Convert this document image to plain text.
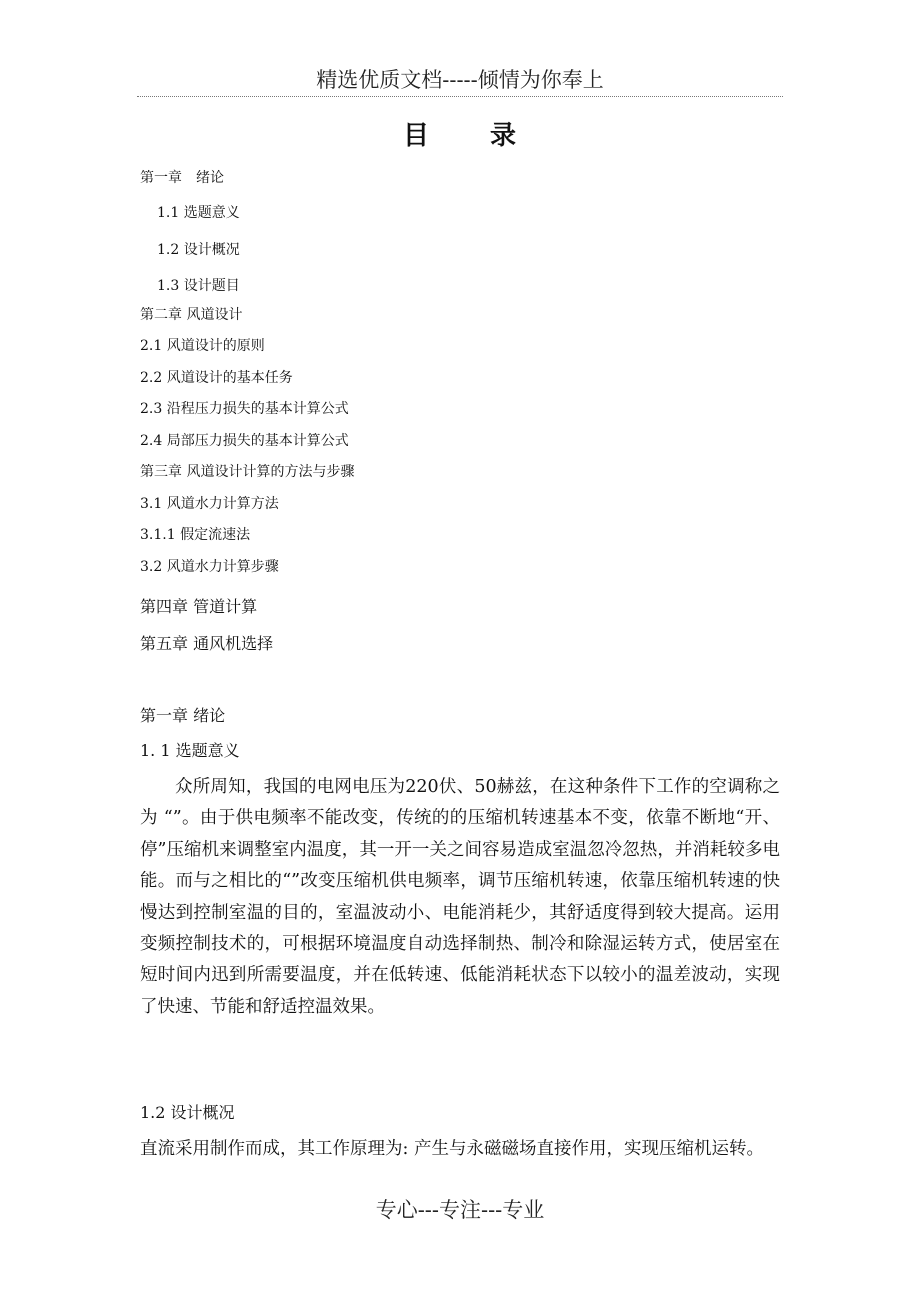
精选优质文档-----倾情为你奉上
目 录
第一章　绪论
1.1 选题意义
1.2 设计概况
1.3 设计题目
第二章 风道设计
2.1 风道设计的原则
2.2 风道设计的基本任务
2.3 沿程压力损失的基本计算公式
2.4 局部压力损失的基本计算公式
第三章 风道设计计算的方法与步骤
3.1 风道水力计算方法
3.1.1 假定流速法
3.2 风道水力计算步骤
第四章 管道计算
第五章 通风机选择
第一章 绪论
1. 1 选题意义
众所周知，我国的电网电压为220伏、50赫兹，在这种条件下工作的空调称之为 “”。由于供电频率不能改变，传统的的压缩机转速基本不变，依靠不断地“开、停”压缩机来调整室内温度，其一开一关之间容易造成室温忽冷忽热，并消耗较多电能。而与之相比的“”改变压缩机供电频率，调节压缩机转速，依靠压缩机转速的快慢达到控制室温的目的，室温波动小、电能消耗少，其舒适度得到较大提高。运用变频控制技术的，可根据环境温度自动选择制热、制冷和除湿运转方式，使居室在短时间内迅到所需要温度，并在低转速、低能消耗状态下以较小的温差波动，实现了快速、节能和舒适控温效果。
1.2 设计概况
直流采用制作而成，其工作原理为: 产生与永磁磁场直接作用，实现压缩机运转。
专心---专注---专业
